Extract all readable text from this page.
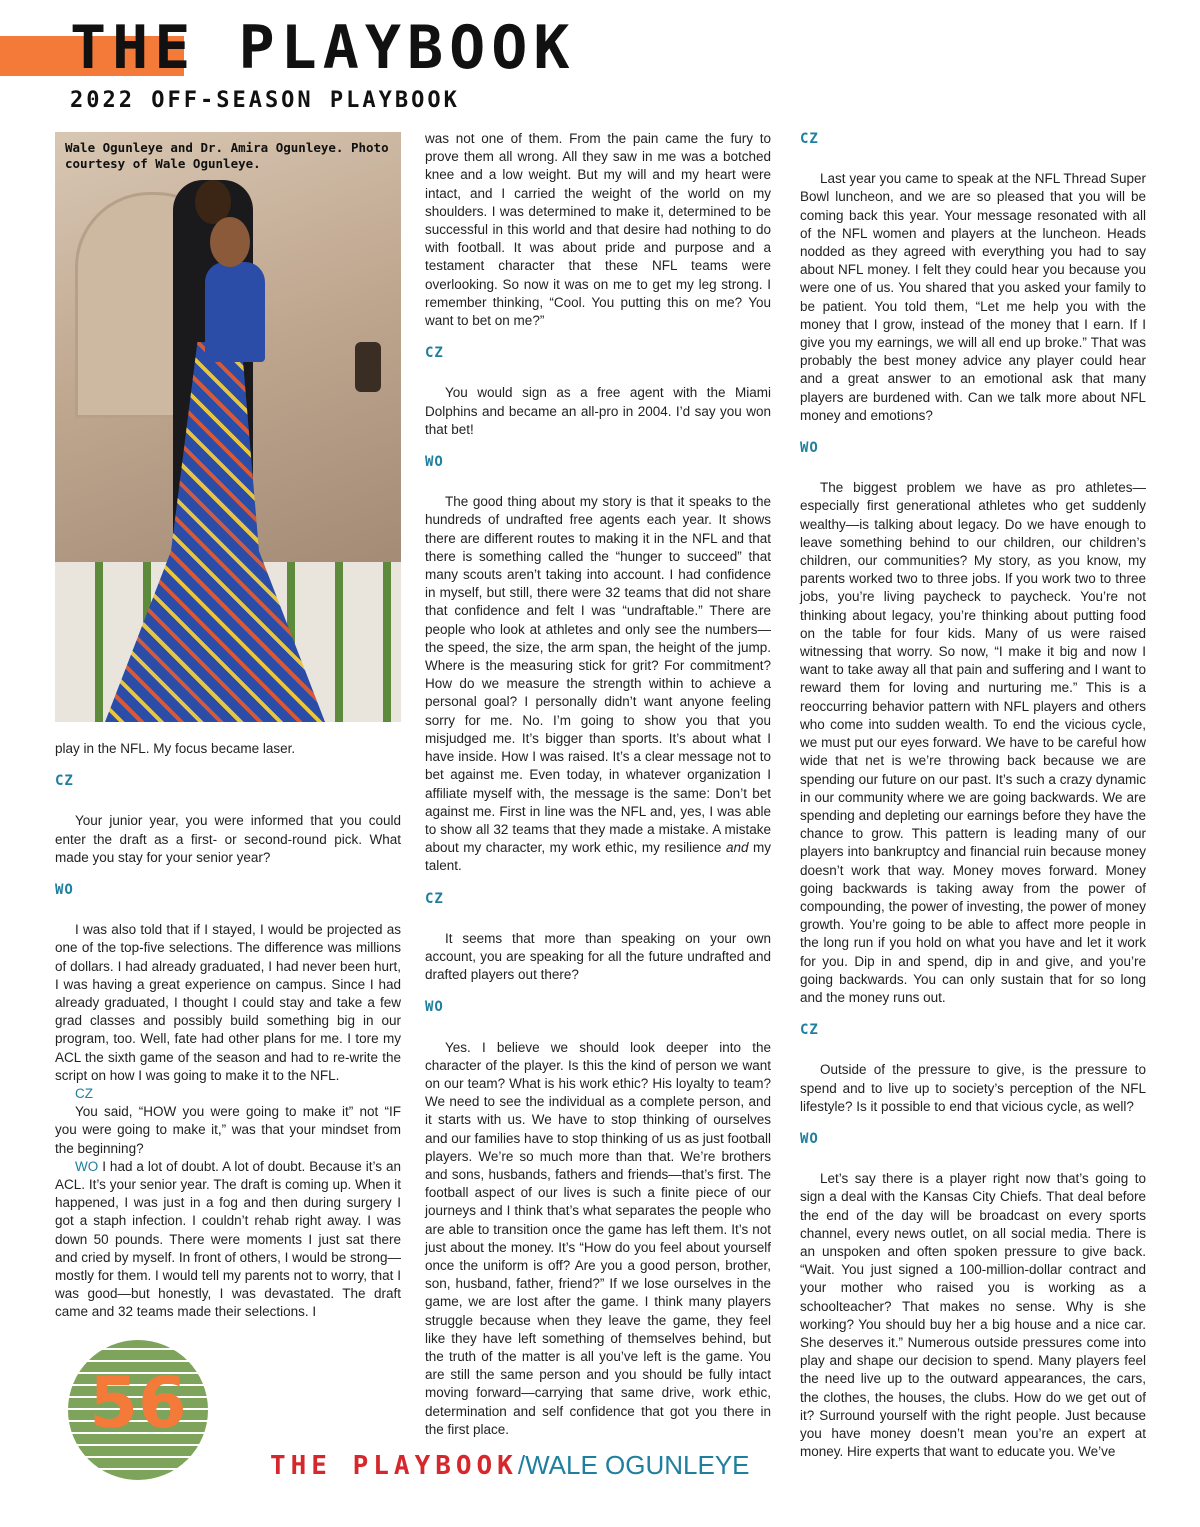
THE PLAYBOOK
2022 OFF-SEASON PLAYBOOK
Wale Ogunleye and Dr. Amira Ogunleye. Photo courtesy of Wale Ogunleye.

play in the NFL. My focus became laser.

CZ

Your junior year, you were informed that you could enter the draft as a first- or second-round pick. What made you stay for your senior year?

WO

I was also told that if I stayed, I would be projected as one of the top-five selections. The difference was millions of dollars. I had already graduated, I had never been hurt, I was having a great experience on campus. Since I had already graduated, I thought I could stay and take a few grad classes and possibly build something big in our program, too. Well, fate had other plans for me. I tore my ACL the sixth game of the season and had to re-write the script on how I was going to make it to the NFL.

CZ

You said, “HOW you were going to make it” not “IF you were going to make it,” was that your mindset from the beginning?

WO I had a lot of doubt. A lot of doubt. Because it’s an ACL. It’s your senior year. The draft is coming up. When it happened, I was just in a fog and then during surgery I got a staph infection. I couldn’t rehab right away. I was down 50 pounds. There were moments I just sat there and cried by myself. In front of others, I would be strong—mostly for them. I would tell my parents not to worry, that I was good—but honestly, I was devastated. The draft came and 32 teams made their selections. I

was not one of them. From the pain came the fury to prove them all wrong. All they saw in me was a botched knee and a low weight. But my will and my heart were intact, and I carried the weight of the world on my shoulders. I was determined to make it, determined to be successful in this world and that desire had nothing to do with football. It was about pride and purpose and a testament character that these NFL teams were overlooking. So now it was on me to get my leg strong. I remember thinking, “Cool. You putting this on me? You want to bet on me?”

CZ

You would sign as a free agent with the Miami Dolphins and became an all-pro in 2004. I’d say you won that bet!

WO

The good thing about my story is that it speaks to the hundreds of undrafted free agents each year. It shows there are different routes to making it in the NFL and that there is something called the “hunger to succeed” that many scouts aren’t taking into account. I had confidence in myself, but still, there were 32 teams that did not share that confidence and felt I was “undraftable.” There are people who look at athletes and only see the numbers—the speed, the size, the arm span, the height of the jump. Where is the measuring stick for grit? For commitment? How do we measure the strength within to achieve a personal goal? I personally didn’t want anyone feeling sorry for me. No. I’m going to show you that you misjudged me. It’s bigger than sports. It’s about what I have inside. How I was raised. It’s a clear message not to bet against me. Even today, in whatever organization I affiliate myself with, the message is the same: Don’t bet against me. First in line was the NFL and, yes, I was able to show all 32 teams that they made a mistake. A mistake about my character, my work ethic, my resilience and my talent.

CZ

It seems that more than speaking on your own account, you are speaking for all the future undrafted and drafted players out there?

WO

Yes. I believe we should look deeper into the character of the player. Is this the kind of person we want on our team? What is his work ethic? His loyalty to team? We need to see the individual as a complete person, and it starts with us. We have to stop thinking of ourselves and our families have to stop thinking of us as just football players. We’re so much more than that. We’re brothers and sons, husbands, fathers and friends—that’s first. The football aspect of our lives is such a finite piece of our journeys and I think that’s what separates the people who are able to transition once the game has left them. It’s not just about the money. It’s “How do you feel about yourself once the uniform is off? Are you a good person, brother, son, husband, father, friend?” If we lose ourselves in the game, we are lost after the game. I think many players struggle because when they leave the game, they feel like they have left something of themselves behind, but the truth of the matter is all you’ve left is the game. You are still the same person and you should be fully intact moving forward—carrying that same drive, work ethic, determination and self confidence that got you there in the first place.

CZ

Last year you came to speak at the NFL Thread Super Bowl luncheon, and we are so pleased that you will be coming back this year. Your message resonated with all of the NFL women and players at the luncheon. Heads nodded as they agreed with everything you had to say about NFL money. I felt they could hear you because you were one of us. You shared that you asked your family to be patient. You told them, “Let me help you with the money that I grow, instead of the money that I earn. If I give you my earnings, we will all end up broke.” That was probably the best money advice any player could hear and a great answer to an emotional ask that many players are burdened with. Can we talk more about NFL money and emotions?

WO

The biggest problem we have as pro athletes—especially first generational athletes who get suddenly wealthy—is talking about legacy. Do we have enough to leave something behind to our children, our children’s children, our communities? My story, as you know, my parents worked two to three jobs. If you work two to three jobs, you’re living paycheck to paycheck. You’re not thinking about legacy, you’re thinking about putting food on the table for four kids. Many of us were raised witnessing that worry. So now, “I make it big and now I want to take away all that pain and suffering and I want to reward them for loving and nurturing me.” This is a reoccurring behavior pattern with NFL players and others who come into sudden wealth. To end the vicious cycle, we must put our eyes forward. We have to be careful how wide that net is we’re throwing back because we are spending our future on our past. It’s such a crazy dynamic in our community where we are going backwards. We are spending and depleting our earnings before they have the chance to grow. This pattern is leading many of our players into bankruptcy and financial ruin because money doesn’t work that way. Money moves forward. Money going backwards is taking away from the power of compounding, the power of investing, the power of money growth. You’re going to be able to affect more people in the long run if you hold on what you have and let it work for you. Dip in and spend, dip in and give, and you’re going backwards. You can only sustain that for so long and the money runs out.

CZ

Outside of the pressure to give, is the pressure to spend and to live up to society’s perception of the NFL lifestyle? Is it possible to end that vicious cycle, as well?

WO

Let’s say there is a player right now that’s going to sign a deal with the Kansas City Chiefs. That deal before the end of the day will be broadcast on every sports channel, every news outlet, on all social media. There is an unspoken and often spoken pressure to give back. “Wait. You just signed a 100-million-dollar contract and your mother who raised you is working as a schoolteacher? That makes no sense. Why is she working? You should buy her a big house and a nice car. She deserves it.” Numerous outside pressures come into play and shape our decision to spend. Many players feel the need live up to the outward appearances, the cars, the clothes, the houses, the clubs. How do we get out of it? Surround yourself with the right people. Just because you have money doesn’t mean you’re an expert at money. Hire experts that want to educate you. We’ve

56
THE PLAYBOOK/WALE OGUNLEYE
